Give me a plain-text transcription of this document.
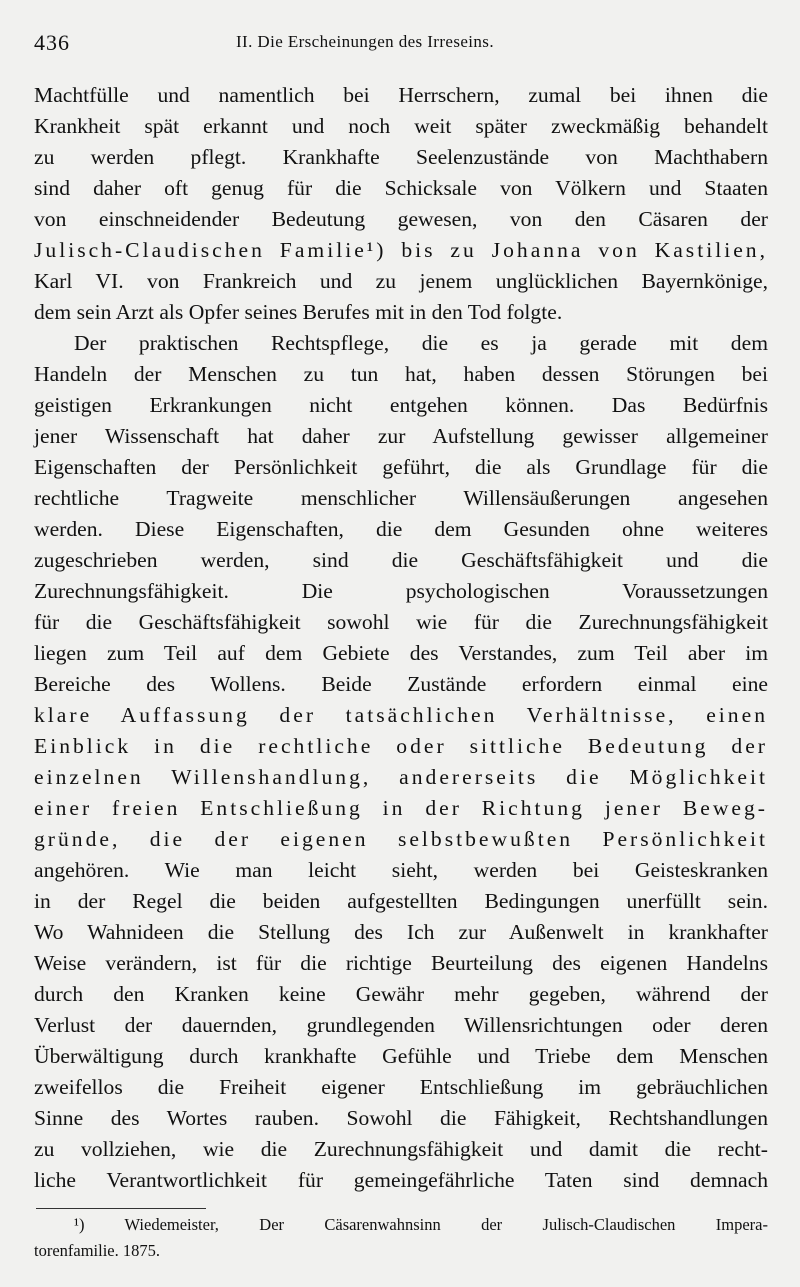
436	II. Die Erscheinungen des Irreseins.
Machtfülle und namentlich bei Herrschern, zumal bei ihnen die
Krankheit spät erkannt und noch weit später zweckmäßig behandelt
zu werden pflegt. Krankhafte Seelenzustände von Machthabern
sind daher oft genug für die Schicksale von Völkern und Staaten
von einschneidender Bedeutung gewesen, von den Cäsaren der
Julisch-Claudischen Familie¹) bis zu Johanna von Kastilien,
Karl VI. von Frankreich und zu jenem unglücklichen Bayernkönige,
dem sein Arzt als Opfer seines Berufes mit in den Tod folgte.
Der praktischen Rechtspflege, die es ja gerade mit dem
Handeln der Menschen zu tun hat, haben dessen Störungen bei
geistigen Erkrankungen nicht entgehen können. Das Bedürfnis
jener Wissenschaft hat daher zur Aufstellung gewisser allgemeiner
Eigenschaften der Persönlichkeit geführt, die als Grundlage für die
rechtliche Tragweite menschlicher Willensäußerungen angesehen
werden. Diese Eigenschaften, die dem Gesunden ohne weiteres
zugeschrieben werden, sind die Geschäftsfähigkeit und die
Zurechnungsfähigkeit. Die psychologischen Voraussetzungen
für die Geschäftsfähigkeit sowohl wie für die Zurechnungsfähigkeit
liegen zum Teil auf dem Gebiete des Verstandes, zum Teil aber im
Bereiche des Wollens. Beide Zustände erfordern einmal eine
klare Auffassung der tatsächlichen Verhältnisse, einen
Einblick in die rechtliche oder sittliche Bedeutung der
einzelnen Willenshandlung, andererseits die Möglichkeit
einer freien Entschließung in der Richtung jener Beweg-
gründe, die der eigenen selbstbewußten Persönlichkeit
angehören. Wie man leicht sieht, werden bei Geisteskranken
in der Regel die beiden aufgestellten Bedingungen unerfüllt sein.
Wo Wahnideen die Stellung des Ich zur Außenwelt in krankhafter
Weise verändern, ist für die richtige Beurteilung des eigenen Handelns
durch den Kranken keine Gewähr mehr gegeben, während der
Verlust der dauernden, grundlegenden Willensrichtungen oder deren
Überwältigung durch krankhafte Gefühle und Triebe dem Menschen
zweifellos die Freiheit eigener Entschließung im gebräuchlichen
Sinne des Wortes rauben. Sowohl die Fähigkeit, Rechtshandlungen
zu vollziehen, wie die Zurechnungsfähigkeit und damit die recht-
liche Verantwortlichkeit für gemeingefährliche Taten sind demnach
¹) Wiedemeister, Der Cäsarenwahnsinn der Julisch-Claudischen Impera-
torenfamilie. 1875.
